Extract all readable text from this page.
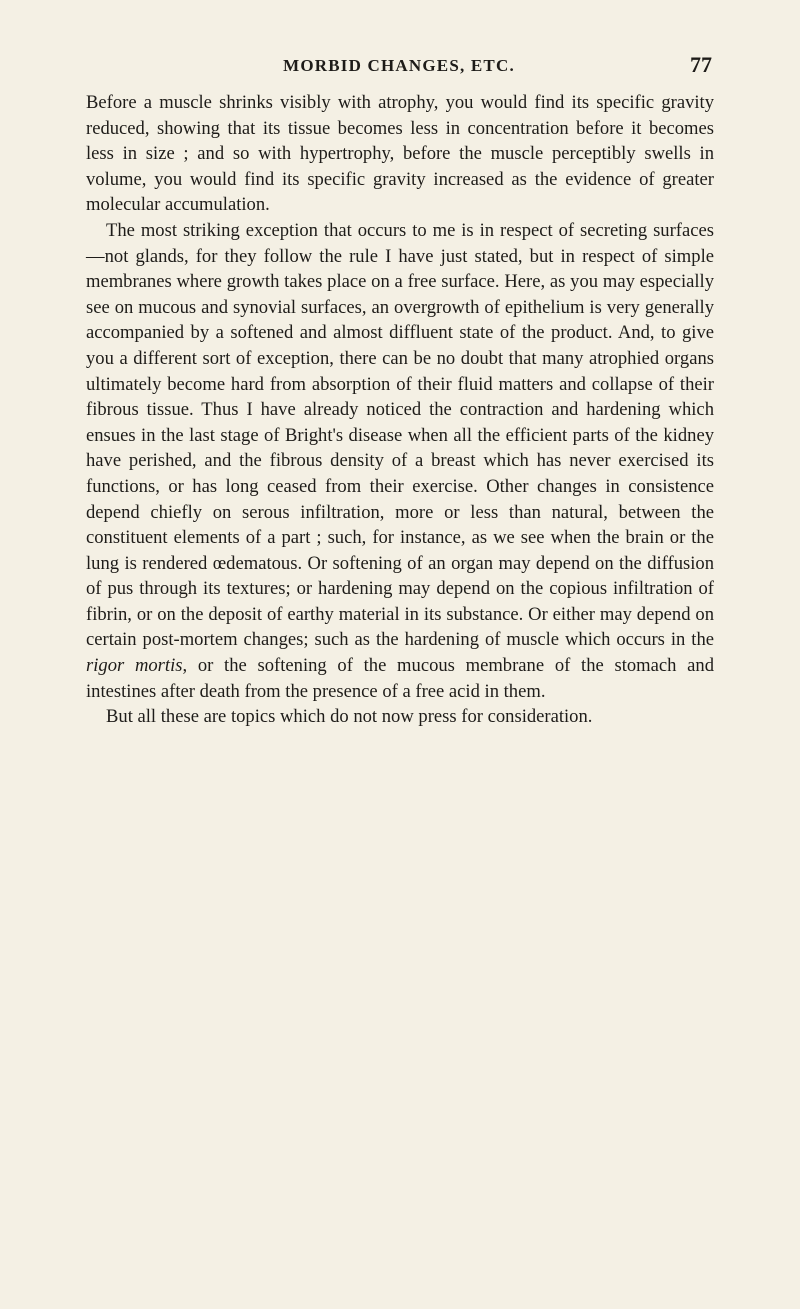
MORBID CHANGES, ETC.	77

Before a muscle shrinks visibly with atrophy, you would find its specific gravity reduced, showing that its tissue becomes less in concentration before it becomes less in size ; and so with hypertrophy, before the muscle perceptibly swells in volume, you would find its specific gravity increased as the evidence of greater molecular accumulation.

The most striking exception that occurs to me is in respect of secreting surfaces—not glands, for they follow the rule I have just stated, but in respect of simple membranes where growth takes place on a free surface. Here, as you may especially see on mucous and synovial surfaces, an overgrowth of epithelium is very generally accompanied by a softened and almost diffluent state of the product. And, to give you a different sort of exception, there can be no doubt that many atrophied organs ultimately become hard from absorption of their fluid matters and collapse of their fibrous tissue. Thus I have already noticed the contraction and hardening which ensues in the last stage of Bright's disease when all the efficient parts of the kidney have perished, and the fibrous density of a breast which has never exercised its functions, or has long ceased from their exercise. Other changes in consistence depend chiefly on serous infiltration, more or less than natural, between the constituent elements of a part ; such, for instance, as we see when the brain or the lung is rendered œdematous. Or softening of an organ may depend on the diffusion of pus through its textures; or hardening may depend on the copious infiltration of fibrin, or on the deposit of earthy material in its substance. Or either may depend on certain post-mortem changes; such as the hardening of muscle which occurs in the rigor mortis, or the softening of the mucous membrane of the stomach and intestines after death from the presence of a free acid in them.

But all these are topics which do not now press for consideration.
